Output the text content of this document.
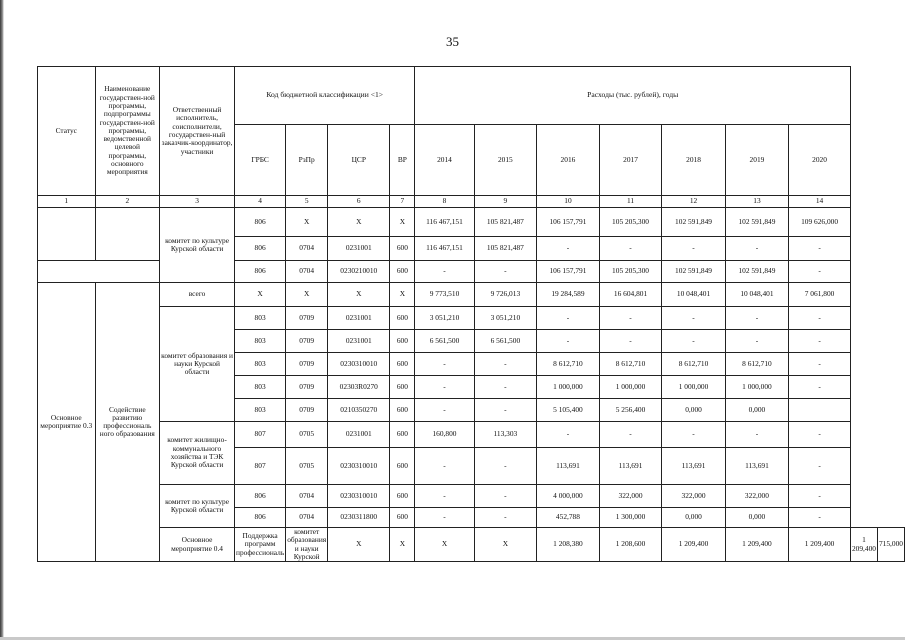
35
Статус	Наименование государствен-ной программы, подпрограммы государствен-ной программы, ведомственной целевой программы, основного мероприятия	Ответственный исполнитель, соисполнители, государствен-ный заказчик-координатор, участники	Код бюджетной классификации <1>				Расходы (тыс. рублей), годы								
			ГРБС	РзПр	ЦСР	ВР	2014	2015	2016	2017	2018	2019	2020		
1	2	3	4	5	6	7	8	9	10	11	12	13	14		
		комитет по культуре Курской области	806	X	X	X	116 467,151	105 821,487	106 157,791	105 205,300	102 591,849	102 591,849	109 626,000		
			806	0704	0231001	600	116 467,151	105 821,487	-	-	-	-	-		
			806	0704	0230210010	600	-	-	106 157,791	105 205,300	102 591,849	102 591,849	-		
Основное мероприятие 0.3	Содействие развитию профессиональ ного образования	всего	X	X	X	X	9 773,510	9 726,013	19 284,589	16 604,801	10 048,401	10 048,401	7 061,800		
		комитет образования и науки Курской области	803	0709	0231001	600	3 051,210	3 051,210	-	-	-	-	-		
			803	0709	0231001	600	6 561,500	6 561,500	-	-	-	-	-		
			803	0709	0230310010	600	-	-	8 612,710	8 612,710	8 612,710	8 612,710	-		
			803	0709	02303R0270	600	-	-	1 000,000	1 000,000	1 000,000	1 000,000	-		
			803	0709	0210350270	600	-	-	5 105,400	5 256,400	0,000	0,000			
		комитет жилищно-коммунального хозяйства и ТЭК Курской области	807	0705	0231001	600	160,800	113,303	-	-	-	-	-		
			807	0705	0230310010	600	-	-	113,691	113,691	113,691	113,691	-		
		комитет по культуре Курской области	806	0704	0230310010	600	-	-	4 000,000	322,000	322,000	322,000	-		
			806	0704	0230311800	600	-	-	452,788	1 300,000	0,000	0,000	-		
		Основное мероприятие 0.4	Поддержка программ профессиональ	комитет образования и науки Курской	X	X	X	X	1 208,380	1 208,600	1 209,400	1 209,400	1 209,400	1 209,400	715,000
